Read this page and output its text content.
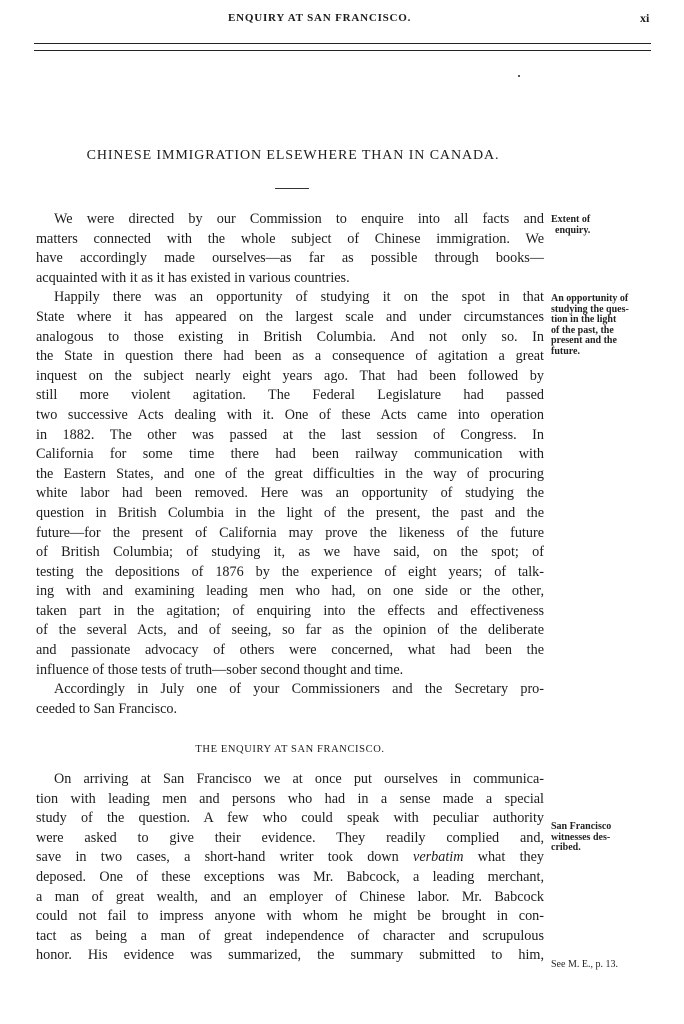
ENQUIRY AT SAN FRANCISCO.	xi
CHINESE IMMIGRATION ELSEWHERE THAN IN CANADA.
We were directed by our Commission to enquire into all facts and
matters connected with the whole subject of Chinese immigration. We
have accordingly made ourselves—as far as possible through books—
acquainted with it as it has existed in various countries.
Happily there was an opportunity of studying it on the spot in that
State where it has appeared on the largest scale and under circumstances
analogous to those existing in British Columbia. And not only so. In
the State in question there had been as a consequence of agitation a great
inquest on the subject nearly eight years ago. That had been followed by
still more violent agitation. The Federal Legislature had passed
two successive Acts dealing with it. One of these Acts came into operation
in 1882. The other was passed at the last session of Congress. In
California for some time there had been railway communication with
the Eastern States, and one of the great difficulties in the way of procuring
white labor had been removed. Here was an opportunity of studying the
question in British Columbia in the light of the present, the past and the
future—for the present of California may prove the likeness of the future
of British Columbia; of studying it, as we have said, on the spot; of
testing the depositions of 1876 by the experience of eight years; of talk-
ing with and examining leading men who had, on one side or the other,
taken part in the agitation; of enquiring into the effects and effectiveness
of the several Acts, and of seeing, so far as the opinion of the deliberate
and passionate advocacy of others were concerned, what had been the
influence of those tests of truth—sober second thought and time.
Accordingly in July one of your Commissioners and the Secretary pro-
ceeded to San Francisco.
THE ENQUIRY AT SAN FRANCISCO.
On arriving at San Francisco we at once put ourselves in communica-
tion with leading men and persons who had in a sense made a special
study of the question. A few who could speak with peculiar authority
were asked to give their evidence. They readily complied and,
save in two cases, a short-hand writer took down verbatim what they
deposed. One of these exceptions was Mr. Babcock, a leading merchant,
a man of great wealth, and an employer of Chinese labor. Mr. Babcock
could not fail to impress anyone with whom he might be brought in con-
tact as being a man of great independence of character and scrupulous
honor. His evidence was summarized, the summary submitted to him,
Extent of
enquiry.
An opportunity of
studying the ques-
tion in the light
of the past, the
present and the
future.
San Francisco
witnesses des-
cribed.
See M. E., p. 13.
